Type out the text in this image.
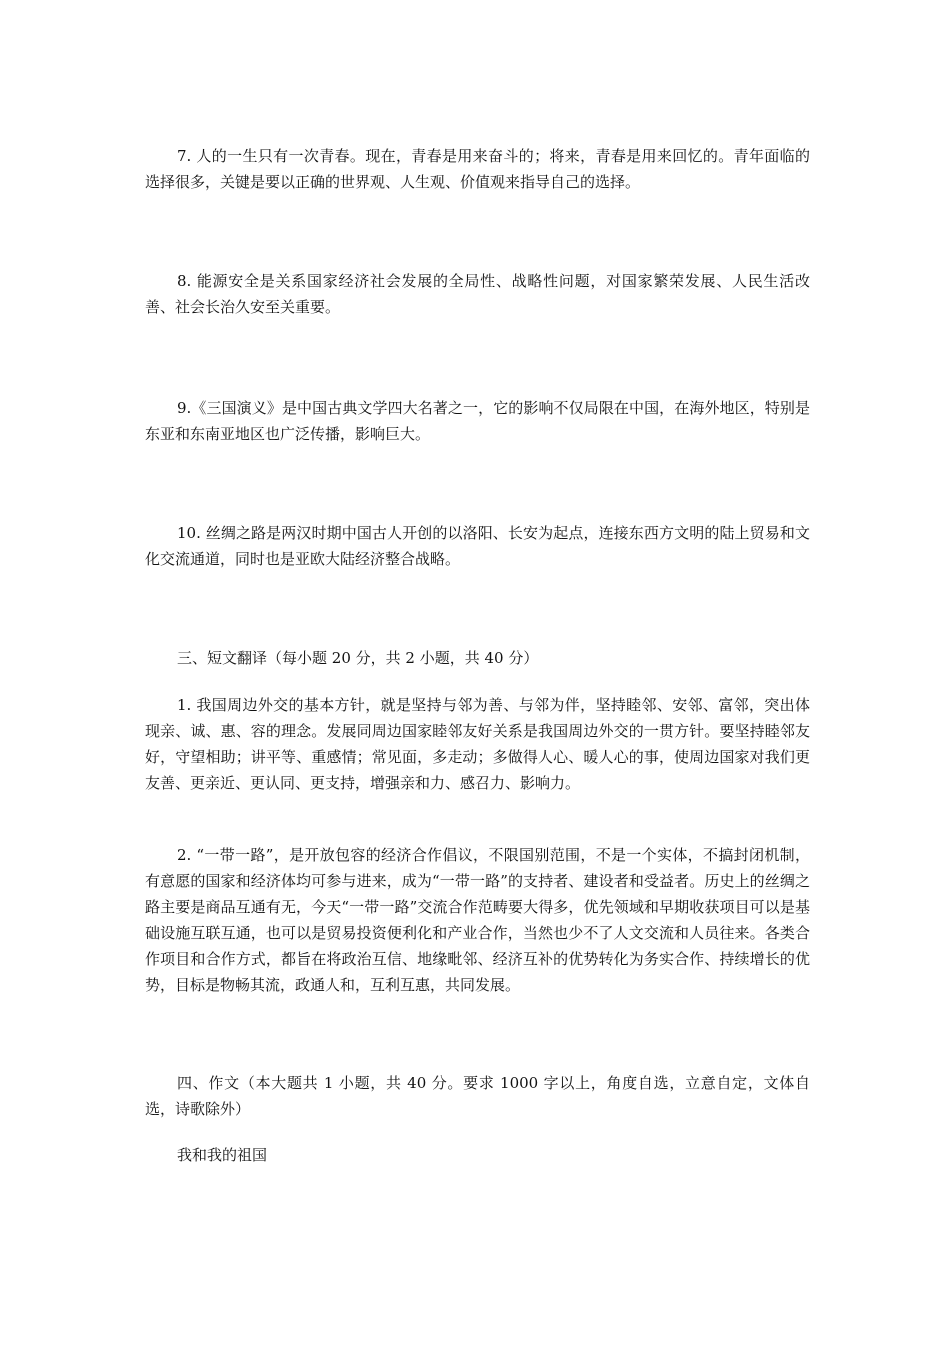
7. 人的一生只有一次青春。现在，青春是用来奋斗的；将来，青春是用来回忆的。青年面临的选择很多，关键是要以正确的世界观、人生观、价值观来指导自己的选择。

8. 能源安全是关系国家经济社会发展的全局性、战略性问题，对国家繁荣发展、人民生活改善、社会长治久安至关重要。

9.《三国演义》是中国古典文学四大名著之一，它的影响不仅局限在中国，在海外地区，特别是东亚和东南亚地区也广泛传播，影响巨大。

10. 丝绸之路是两汉时期中国古人开创的以洛阳、长安为起点，连接东西方文明的陆上贸易和文化交流通道，同时也是亚欧大陆经济整合战略。

三、短文翻译（每小题 20 分，共 2 小题，共 40 分）

1. 我国周边外交的基本方针，就是坚持与邻为善、与邻为伴，坚持睦邻、安邻、富邻，突出体现亲、诚、惠、容的理念。发展同周边国家睦邻友好关系是我国周边外交的一贯方针。要坚持睦邻友好，守望相助；讲平等、重感情；常见面，多走动；多做得人心、暖人心的事，使周边国家对我们更友善、更亲近、更认同、更支持，增强亲和力、感召力、影响力。

2. “一带一路”，是开放包容的经济合作倡议，不限国别范围，不是一个实体，不搞封闭机制，有意愿的国家和经济体均可参与进来，成为“一带一路”的支持者、建设者和受益者。历史上的丝绸之路主要是商品互通有无，今天“一带一路”交流合作范畴要大得多，优先领域和早期收获项目可以是基础设施互联互通，也可以是贸易投资便利化和产业合作，当然也少不了人文交流和人员往来。各类合作项目和合作方式，都旨在将政治互信、地缘毗邻、经济互补的优势转化为务实合作、持续增长的优势，目标是物畅其流，政通人和，互利互惠，共同发展。

四、作文（本大题共 1 小题，共 40 分。要求 1000 字以上，角度自选，立意自定，文体自选，诗歌除外）

我和我的祖国
